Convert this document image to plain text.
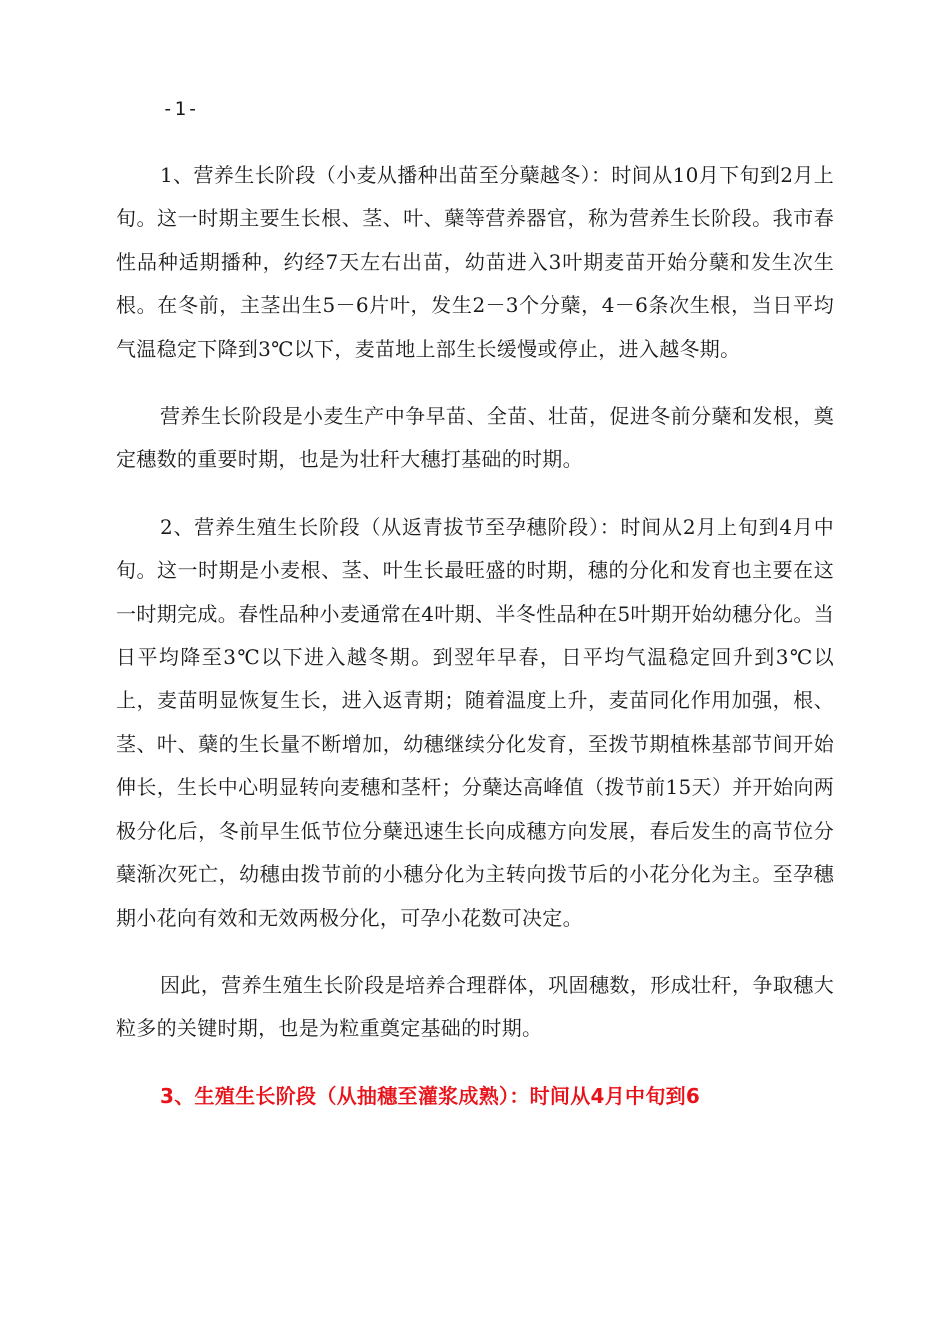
-1-

1、营养生长阶段（小麦从播种出苗至分蘖越冬）：时间从10月下旬到2月上旬。这一时期主要生长根、茎、叶、蘖等营养器官，称为营养生长阶段。我市春性品种适期播种，约经7天左右出苗，幼苗进入3叶期麦苗开始分蘖和发生次生根。在冬前，主茎出生5－6片叶，发生2－3个分蘖，4－6条次生根，当日平均气温稳定下降到3℃以下，麦苗地上部生长缓慢或停止，进入越冬期。

营养生长阶段是小麦生产中争早苗、全苗、壮苗，促进冬前分蘖和发根，奠定穗数的重要时期，也是为壮秆大穗打基础的时期。

2、营养生殖生长阶段（从返青拔节至孕穗阶段）：时间从2月上旬到4月中旬。这一时期是小麦根、茎、叶生长最旺盛的时期，穗的分化和发育也主要在这一时期完成。春性品种小麦通常在4叶期、半冬性品种在5叶期开始幼穗分化。当日平均降至3℃以下进入越冬期。到翌年早春，日平均气温稳定回升到3℃以上，麦苗明显恢复生长，进入返青期；随着温度上升，麦苗同化作用加强，根、茎、叶、蘖的生长量不断增加，幼穗继续分化发育，至拨节期植株基部节间开始伸长，生长中心明显转向麦穗和茎杆；分蘖达高峰值（拨节前15天）并开始向两极分化后，冬前早生低节位分蘖迅速生长向成穗方向发展，春后发生的高节位分蘖渐次死亡，幼穗由拨节前的小穗分化为主转向拨节后的小花分化为主。至孕穗期小花向有效和无效两极分化，可孕小花数可决定。

因此，营养生殖生长阶段是培养合理群体，巩固穗数，形成壮秆，争取穗大粒多的关键时期，也是为粒重奠定基础的时期。

3、生殖生长阶段（从抽穗至灌浆成熟）：时间从4月中旬到6
